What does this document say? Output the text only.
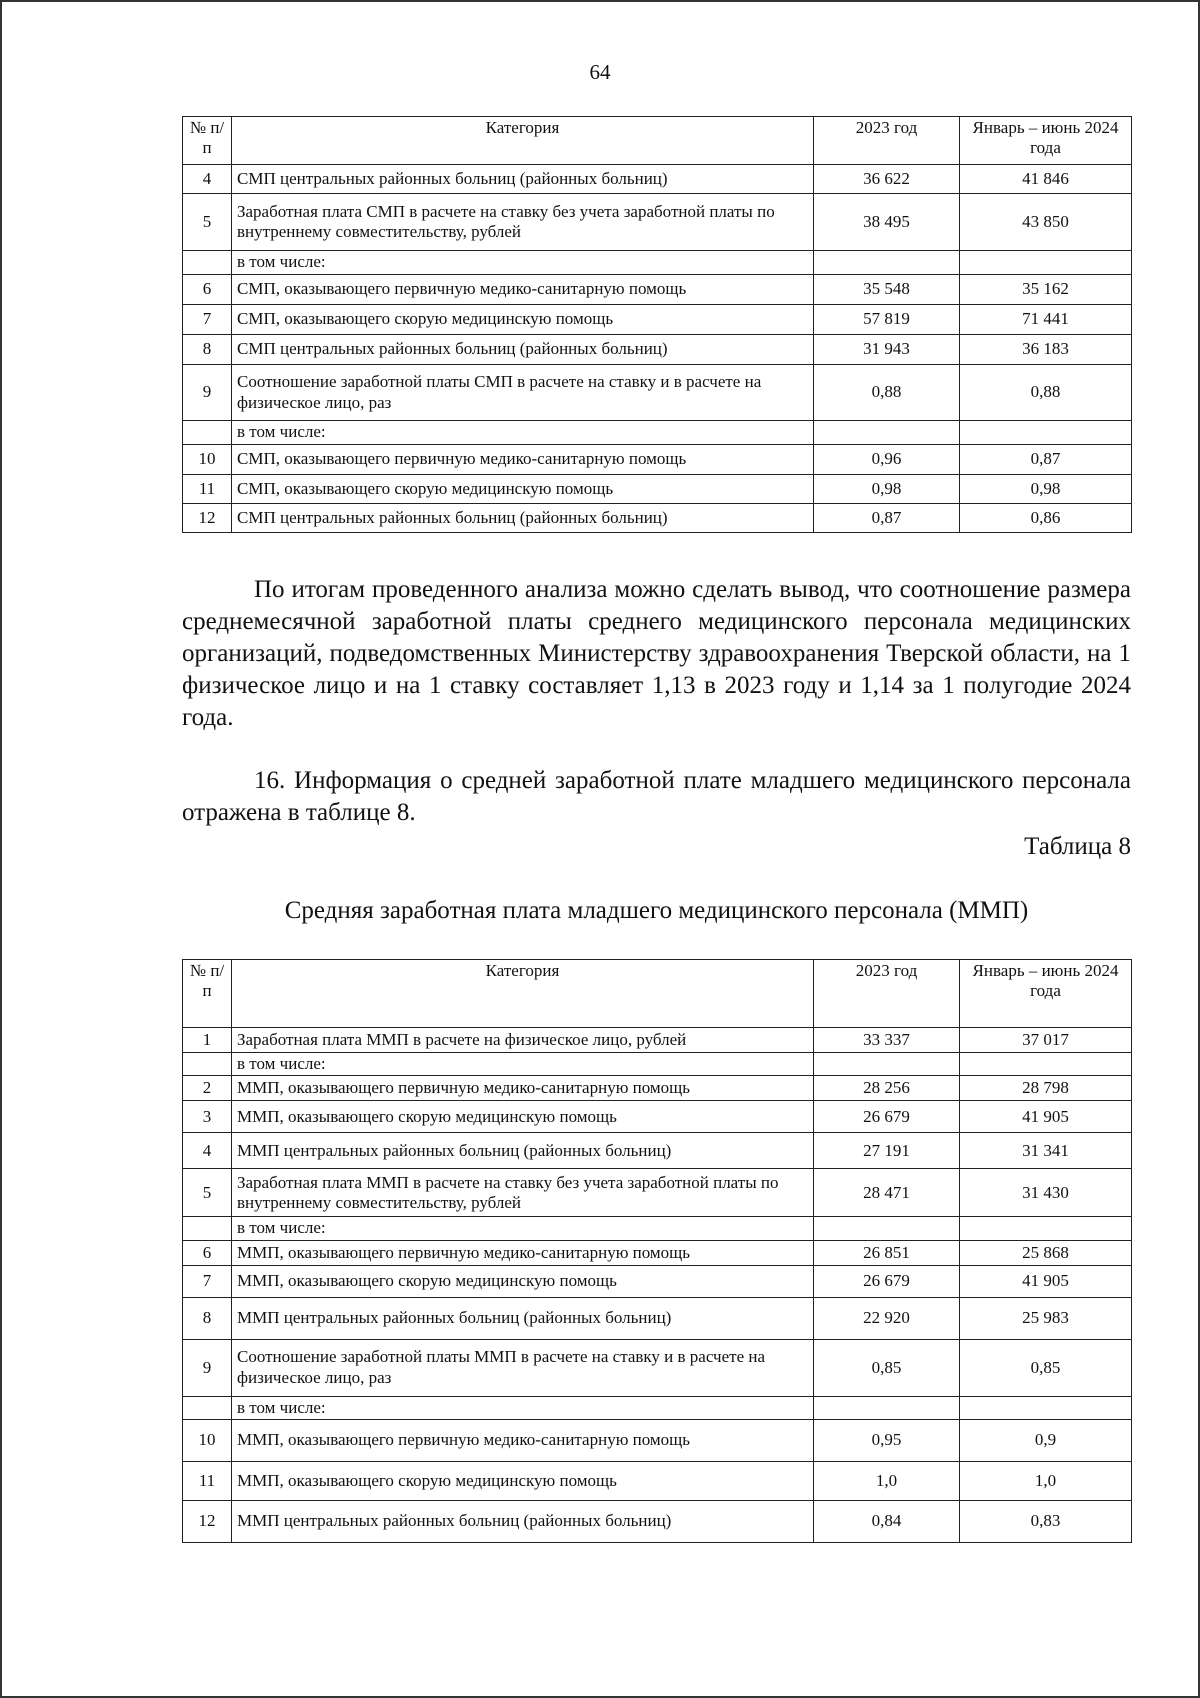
64
№ п/п	Категория	2023 год	Январь – июнь 2024 года
4	СМП центральных районных больниц (районных больниц)	36 622	41 846
5	Заработная плата СМП в расчете на ставку без учета заработной платы по внутреннему совместительству, рублей	38 495	43 850
	в том числе:		
6	СМП, оказывающего первичную медико-санитарную помощь	35 548	35 162
7	СМП, оказывающего скорую медицинскую помощь	57 819	71 441
8	СМП центральных районных больниц (районных больниц)	31 943	36 183
9	Соотношение заработной платы СМП в расчете на ставку и в расчете на физическое лицо, раз	0,88	0,88
	в том числе:		
10	СМП, оказывающего первичную медико-санитарную помощь	0,96	0,87
11	СМП, оказывающего скорую медицинскую помощь	0,98	0,98
12	СМП центральных районных больниц (районных больниц)	0,87	0,86
По итогам проведенного анализа можно сделать вывод, что соотношение размера среднемесячной заработной платы среднего медицинского персонала медицинских организаций, подведомственных Министерству здравоохранения Тверской области, на 1 физическое лицо и на 1 ставку составляет 1,13 в 2023 году и 1,14 за 1 полугодие 2024 года.
16. Информация о средней заработной плате младшего медицинского персонала отражена в таблице 8.
Таблица 8
Средняя заработная плата младшего медицинского персонала (ММП)
№ п/п	Категория	2023 год	Январь – июнь 2024 года
1	Заработная плата ММП в расчете на физическое лицо, рублей	33 337	37 017
	в том числе:		
2	ММП, оказывающего первичную медико-санитарную помощь	28 256	28 798
3	ММП, оказывающего скорую медицинскую помощь	26 679	41 905
4	ММП центральных районных больниц (районных больниц)	27 191	31 341
5	Заработная плата ММП в расчете на ставку без учета заработной платы по внутреннему совместительству, рублей	28 471	31 430
	в том числе:		
6	ММП, оказывающего первичную медико-санитарную помощь	26 851	25 868
7	ММП, оказывающего скорую медицинскую помощь	26 679	41 905
8	ММП центральных районных больниц (районных больниц)	22 920	25 983
9	Соотношение заработной платы ММП в расчете на ставку и в расчете на физическое лицо, раз	0,85	0,85
	в том числе:		
10	ММП, оказывающего первичную медико-санитарную помощь	0,95	0,9
11	ММП, оказывающего скорую медицинскую помощь	1,0	1,0
12	ММП центральных районных больниц (районных больниц)	0,84	0,83
